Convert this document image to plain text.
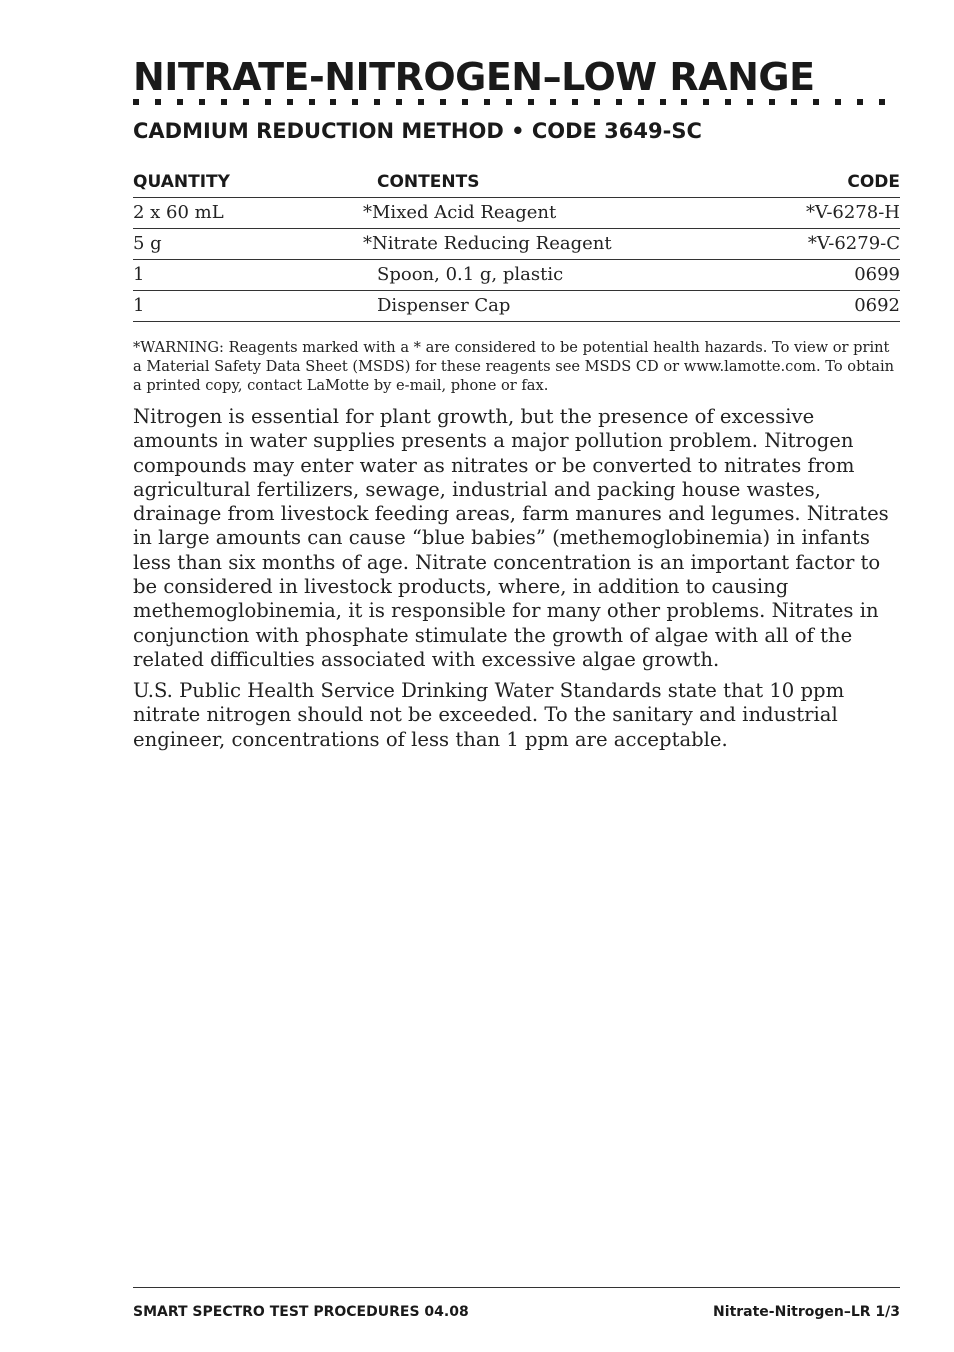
NITRATE-NITROGEN–LOW RANGE
CADMIUM REDUCTION METHOD • CODE 3649-SC
QUANTITY	CONTENTS	CODE
2 x 60 mL	*Mixed Acid Reagent	*V-6278-H
5 g	*Nitrate Reducing Reagent	*V-6279-C
1	Spoon, 0.1 g, plastic	0699
1	Dispenser Cap	0692

*WARNING: Reagents marked with a * are considered to be potential health hazards. To view or print a Material Safety Data Sheet (MSDS) for these reagents see MSDS CD or www.lamotte.com. To obtain a printed copy, contact LaMotte by e-mail, phone or fax.

Nitrogen is essential for plant growth, but the presence of excessive amounts in water supplies presents a major pollution problem. Nitrogen compounds may enter water as nitrates or be converted to nitrates from agricultural fertilizers, sewage, industrial and packing house wastes, drainage from livestock feeding areas, farm manures and legumes. Nitrates in large amounts can cause “blue babies” (methemoglobinemia) in infants less than six months of age. Nitrate concentration is an important factor to be considered in livestock products, where, in addition to causing methemoglobinemia, it is responsible for many other problems. Nitrates in conjunction with phosphate stimulate the growth of algae with all of the related difficulties associated with excessive algae growth.

U.S. Public Health Service Drinking Water Standards state that 10 ppm nitrate nitrogen should not be exceeded. To the sanitary and industrial engineer, concentrations of less than 1 ppm are acceptable.

SMART SPECTRO TEST PROCEDURES 04.08	Nitrate-Nitrogen–LR 1/3
